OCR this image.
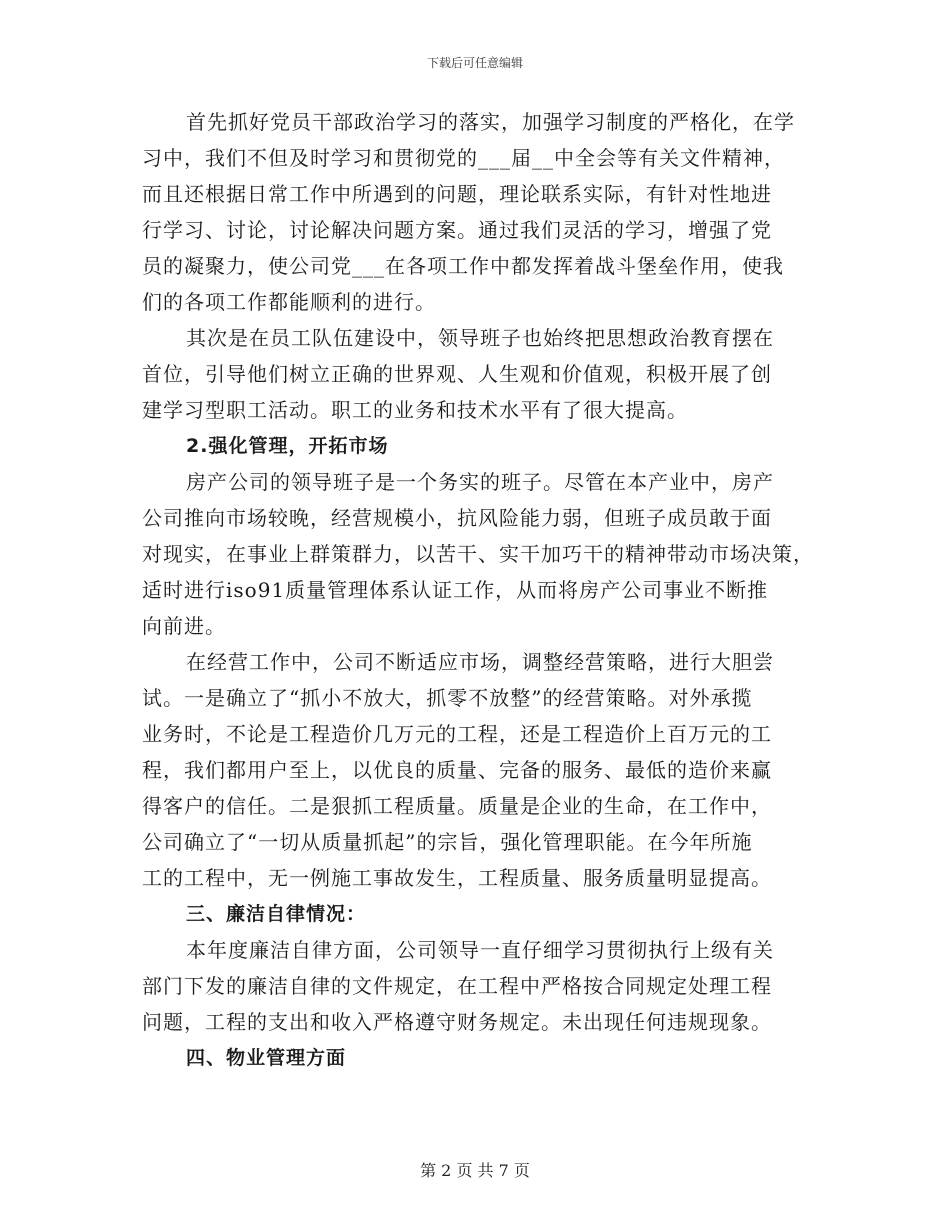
下载后可任意编辑
首先抓好党员干部政治学习的落实，加强学习制度的严格化，在学
习中，我们不但及时学习和贯彻党的___届__中全会等有关文件精神，
而且还根据日常工作中所遇到的问题，理论联系实际，有针对性地进
行学习、讨论，讨论解决问题方案。通过我们灵活的学习，增强了党
员的凝聚力，使公司党___在各项工作中都发挥着战斗堡垒作用，使我
们的各项工作都能顺利的进行。
其次是在员工队伍建设中，领导班子也始终把思想政治教育摆在
首位，引导他们树立正确的世界观、人生观和价值观，积极开展了创
建学习型职工活动。职工的业务和技术水平有了很大提高。
2.强化管理，开拓市场
房产公司的领导班子是一个务实的班子。尽管在本产业中，房产
公司推向市场较晚，经营规模小，抗风险能力弱，但班子成员敢于面
对现实，在事业上群策群力，以苦干、实干加巧干的精神带动市场决策，
适时进行iso91质量管理体系认证工作，从而将房产公司事业不断推
向前进。
在经营工作中，公司不断适应市场，调整经营策略，进行大胆尝
试。一是确立了“抓小不放大，抓零不放整”的经营策略。对外承揽
业务时，不论是工程造价几万元的工程，还是工程造价上百万元的工
程，我们都用户至上，以优良的质量、完备的服务、最低的造价来赢
得客户的信任。二是狠抓工程质量。质量是企业的生命，在工作中，
公司确立了“一切从质量抓起”的宗旨，强化管理职能。在今年所施
工的工程中，无一例施工事故发生，工程质量、服务质量明显提高。
三、廉洁自律情况：
本年度廉洁自律方面，公司领导一直仔细学习贯彻执行上级有关
部门下发的廉洁自律的文件规定，在工程中严格按合同规定处理工程
问题，工程的支出和收入严格遵守财务规定。未出现任何违规现象。
四、物业管理方面
第 2 页 共 7 页
